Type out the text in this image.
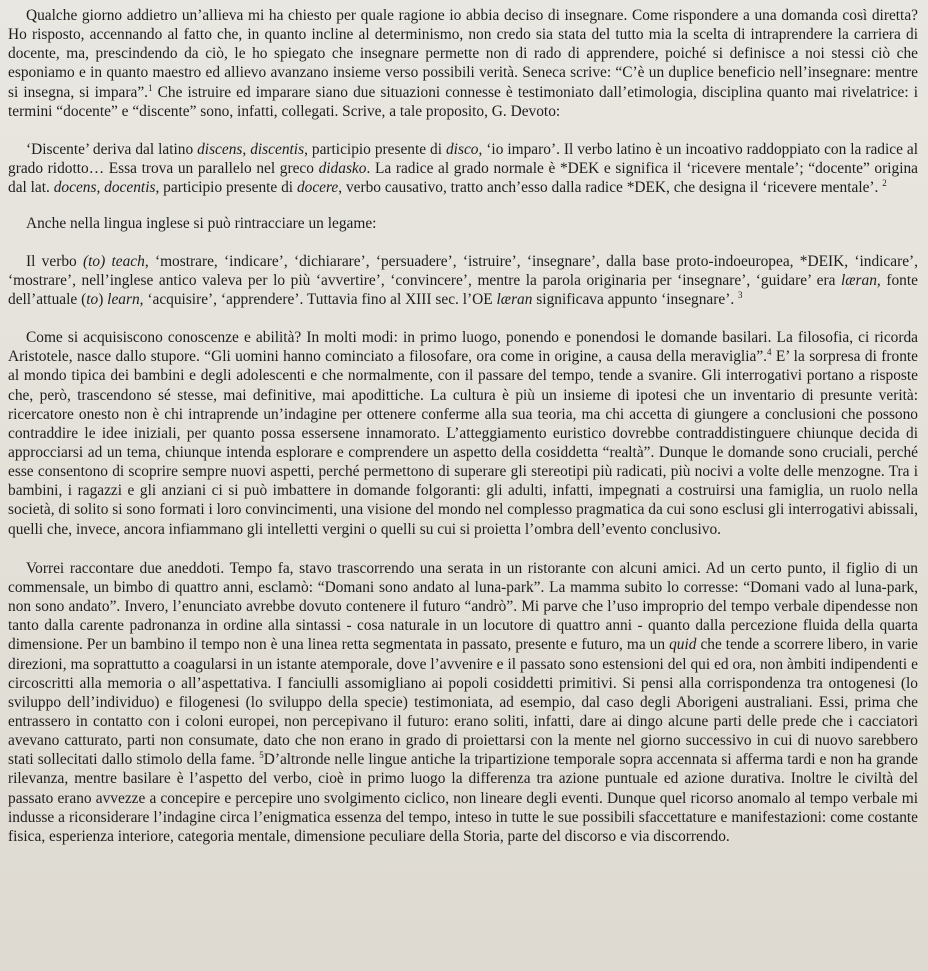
Qualche giorno addietro un’allieva mi ha chiesto per quale ragione io abbia deciso di insegnare. Come rispondere a una domanda così diretta? Ho risposto, accennando al fatto che, in quanto incline al determinismo, non credo sia stata del tutto mia la scelta di intraprendere la carriera di docente, ma, prescindendo da ciò, le ho spiegato che insegnare permette non di rado di apprendere, poiché si definisce a noi stessi ciò che esponiamo e in quanto maestro ed allievo avanzano insieme verso possibili verità. Seneca scrive: “C’è un duplice beneficio nell’insegnare: mentre si insegna, si impara”.$^1$ Che istruire ed imparare siano due situazioni connesse è testimoniato dall’etimologia, disciplina quanto mai rivelatrice: i termini “docente” e “discente” sono, infatti, collegati. Scrive, a tale proposito, G. Devoto:

‘Discente’ deriva dal latino discens, discentis, participio presente di disco, ‘io imparo’. Il verbo latino è un incoativo raddoppiato con la radice al grado ridotto… Essa trova un parallelo nel greco didasko. La radice al grado normale è *DEK e significa il ‘ricevere mentale’; “docente” origina dal lat. docens, docentis, participio presente di docere, verbo causativo, tratto anch’esso dalla radice *DEK, che designa il ‘ricevere mentale’. $^2$

Anche nella lingua inglese si può rintracciare un legame:

Il verbo (to) teach, ‘mostrare, ‘indicare’, ‘dichiarare’, ‘persuadere’, ‘istruire’, ‘insegnare’, dalla base proto-indoeuropea, *DEIK, ‘indicare’, ‘mostrare’, nell’inglese antico valeva per lo più ‘avvertire’, ‘convincere’, mentre la parola originaria per ‘insegnare’, ‘guidare’ era læran, fonte dell’attuale (to) learn, ‘acquisire’, ‘apprendere’. Tuttavia fino al XIII sec. l’OE læran significava appunto ‘insegnare’. $^3$

Come si acquisiscono conoscenze e abilità? In molti modi: in primo luogo, ponendo e ponendosi le domande basilari. La filosofia, ci ricorda Aristotele, nasce dallo stupore. “Gli uomini hanno cominciato a filosofare, ora come in origine, a causa della meraviglia”.$^4$ E’ la sorpresa di fronte al mondo tipica dei bambini e degli adolescenti e che normalmente, con il passare del tempo, tende a svanire. Gli interrogativi portano a risposte che, però, trascendono sé stesse, mai definitive, mai apodittiche. La cultura è più un insieme di ipotesi che un inventario di presunte verità: ricercatore onesto non è chi intraprende un’indagine per ottenere conferme alla sua teoria, ma chi accetta di giungere a conclusioni che possono contraddire le idee iniziali, per quanto possa essersene innamorato. L’atteggiamento euristico dovrebbe contraddistinguere chiunque decida di approcciarsi ad un tema, chiunque intenda esplorare e comprendere un aspetto della cosiddetta “realtà”. Dunque le domande sono cruciali, perché esse consentono di scoprire sempre nuovi aspetti, perché permettono di superare gli stereotipi più radicati, più nocivi a volte delle menzogne. Tra i bambini, i ragazzi e gli anziani ci si può imbattere in domande folgoranti: gli adulti, infatti, impegnati a costruirsi una famiglia, un ruolo nella società, di solito si sono formati i loro convincimenti, una visione del mondo nel complesso pragmatica da cui sono esclusi gli interrogativi abissali, quelli che, invece, ancora infiammano gli intelletti vergini o quelli su cui si proietta l’ombra dell’evento conclusivo.

Vorrei raccontare due aneddoti. Tempo fa, stavo trascorrendo una serata in un ristorante con alcuni amici. Ad un certo punto, il figlio di un commensale, un bimbo di quattro anni, esclamò: “Domani sono andato al luna-park”. La mamma subito lo corresse: “Domani vado al luna-park, non sono andato”. Invero, l’enunciato avrebbe dovuto contenere il futuro “andrò”. Mi parve che l’uso improprio del tempo verbale dipendesse non tanto dalla carente padronanza in ordine alla sintassi - cosa naturale in un locutore di quattro anni - quanto dalla percezione fluida della quarta dimensione. Per un bambino il tempo non è una linea retta segmentata in passato, presente e futuro, ma un quid che tende a scorrere libero, in varie direzioni, ma soprattutto a coagularsi in un istante atemporale, dove l’avvenire e il passato sono estensioni del qui ed ora, non àmbiti indipendenti e circoscritti alla memoria o all’aspettativa. I fanciulli assomigliano ai popoli cosiddetti primitivi. Si pensi alla corrispondenza tra ontogenesi (lo sviluppo dell’individuo) e filogenesi (lo sviluppo della specie) testimoniata, ad esempio, dal caso degli Aborigeni australiani. Essi, prima che entrassero in contatto con i coloni europei, non percepivano il futuro: erano soliti, infatti, dare ai dingo alcune parti delle prede che i cacciatori avevano catturato, parti non consumate, dato che non erano in grado di proiettarsi con la mente nel giorno successivo in cui di nuovo sarebbero stati sollecitati dallo stimolo della fame. $^5$D’altronde nelle lingue antiche la tripartizione temporale sopra accennata si afferma tardi e non ha grande rilevanza, mentre basilare è l’aspetto del verbo, cioè in primo luogo la differenza tra azione puntuale ed azione durativa. Inoltre le civiltà del passato erano avvezze a concepire e percepire uno svolgimento ciclico, non lineare degli eventi. Dunque quel ricorso anomalo al tempo verbale mi indusse a riconsiderare l’indagine circa l’enigmatica essenza del tempo, inteso in tutte le sue possibili sfaccettature e manifestazioni: come costante fisica, esperienza interiore, categoria mentale, dimensione peculiare della Storia, parte del discorso e via discorrendo.
